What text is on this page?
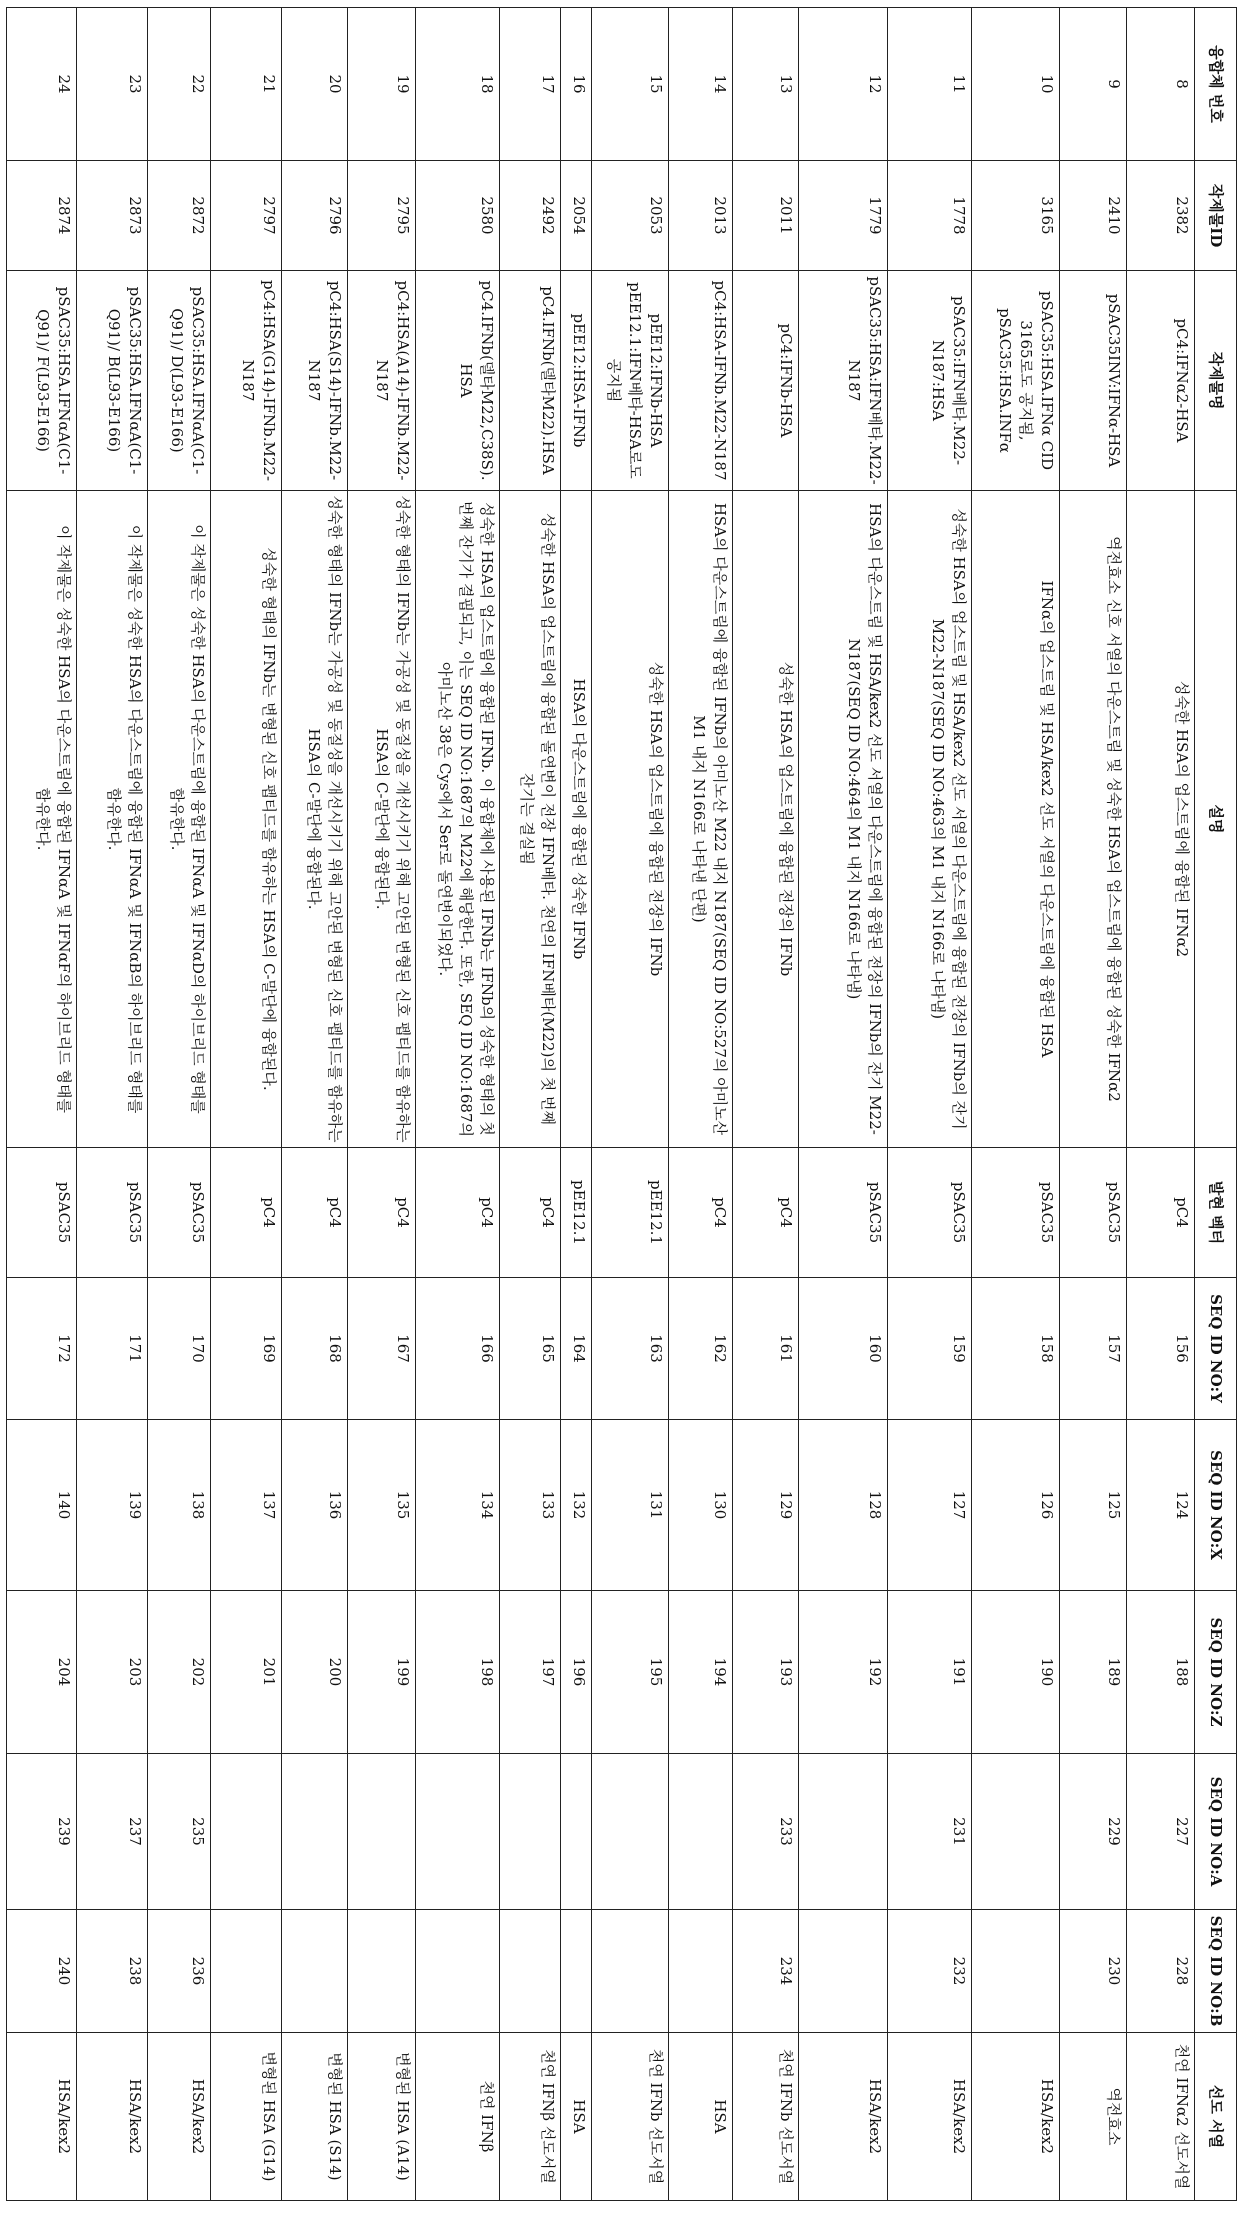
융합체 번호	작제물ID	작제물명	설명	발현 벡터	SEQ ID NO:Y	SEQ ID NO:X	SEQ ID NO:Z	SEQ ID NO:A	SEQ ID NO:B	선도 서열
8	2382	pC4:IFNα2-HSA	성숙한 HSA의 업스트림에 융합된 IFNα2	pC4	156	124	188	227	228	천연 IFNα2 선도서열
9	2410	pSAC35INV:IFNα-HSA	역전효소 신호 서열의 다운스트림 및 성숙한 HSA의 업스트림에 융합된 성숙한 IFNα2	pSAC35	157	125	189	229	230	역전효소
10	3165	pSAC35:HSA.IFNα CID 3165로도 공지됨, pSAC35:HSA.INFα	IFNα의 업스트림 및 HSA/kex2 선도 서열의 다운스트림에 융합된 HSA	pSAC35	158	126	190			HSA/kex2
11	1778	pSAC35:IFN베타.M22-N187:HSA	성숙한 HSA의 업스트림 및 HSA/kex2 선도 서열의 다운스트림에 융합된 전장의 IFNb의 잔기 M22-N187(SEQ ID NO:463의 M1 내지 N166로 나타냄)	pSAC35	159	127	191	231	232	HSA/kex2
12	1779	pSAC35:HSA:IFN베타.M22-N187	HSA의 다운스트림 및 HSA/kex2 선도 서열의 다운스트림에 융합된 전장의 IFNb의 잔기 M22-N187(SEQ ID NO:464의 M1 내지 N166로 나타냄)	pSAC35	160	128	192			HSA/kex2
13	2011	pC4:IFNb-HSA	성숙한 HSA의 업스트림에 융합된 전장의 IFNb	pC4	161	129	193	233	234	천연 IFNb 선도서열
14	2013	pC4:HSA-IFNb.M22-N187	HSA의 다운스트림에 융합된 IFNb의 아미노산 M22 내지 N187(SEQ ID NO:527의 아미노산 M1 내지 N166로 나타낸 단편)	pC4	162	130	194			HSA
15	2053	pEE12:IFNb-HSA pEE12.1:IFN베타-HSA로도 공지됨	성숙한 HSA의 업스트림에 융합된 전장의 IFNb	pEE12.1	163	131	195			천연 IFNb 선도서열
16	2054	pEE12:HSA-IFNb	HSA의 다운스트림에 융합된 성숙한 IFNb	pEE12.1	164	132	196			HSA
17	2492	pC4.IFNb(델타M22).HSA	성숙한 HSA의 업스트림에 융합된 돌연변이 전장 IFN베타. 천연의 IFN베타(M22)의 첫 번째 잔기는 결실됨	pC4	165	133	197			천연 IFNβ 선도서열
18	2580	pC4.IFNb(델타M22,C38S).HSA	성숙한 HSA의 업스트림에 융합된 IFNb. 이 융합체에 사용된 IFNb는 IFNb의 성숙한 형태의 첫 번째 잔기가 결핍되고, 이는 SEQ ID NO:1687의 M22에 해당한다. 또한, SEQ ID NO:1687의 아미노산 38은 Cys에서 Ser로 돌연변이되었다.	pC4	166	134	198			천연 IFNβ
19	2795	pC4:HSA(A14)-IFNb.M22-N187	성숙한 형태의 IFNb는 가공성 및 동질성을 개선시키기 위해 고안된 변형된 신호 펩티드를 함유하는 HSA의 C-말단에 융합된다.	pC4	167	135	199			변형된 HSA (A14)
20	2796	pC4:HSA(S14)-IFNb.M22-N187	성숙한 형태의 IFNb는 가공성 및 동질성을 개선시키기 위해 고안된 변형된 신호 펩티드를 함유하는 HSA의 C-말단에 융합된다.	pC4	168	136	200			변형된 HSA (S14)
21	2797	pC4:HSA(G14)-IFNb.M22-N187	성숙한 형태의 IFNb는 변형된 신호 펩티드를 함유하는 HSA의 C-말단에 융합된다.	pC4	169	137	201			변형된 HSA (G14)
22	2872	pSAC35:HSA.IFNαA(C1-Q91)/ D(L93-E166)	이 작제물은 성숙한 HSA의 다운스트림에 융합된 IFNαA 및 IFNαD의 하이브리드 형태를 함유한다.	pSAC35	170	138	202	235	236	HSA/kex2
23	2873	pSAC35:HSA.IFNαA(C1-Q91)/ B(L93-E166)	이 작제물은 성숙한 HSA의 다운스트림에 융합된 IFNαA 및 IFNαB의 하이브리드 형태를 함유한다.	pSAC35	171	139	203	237	238	HSA/kex2
24	2874	pSAC35:HSA.IFNαA(C1-Q91)/ F(L93-E166)	이 작제물은 성숙한 HSA의 다운스트림에 융합된 IFNαA 및 IFNαF의 하이브리드 형태를 함유한다.	pSAC35	172	140	204	239	240	HSA/kex2
